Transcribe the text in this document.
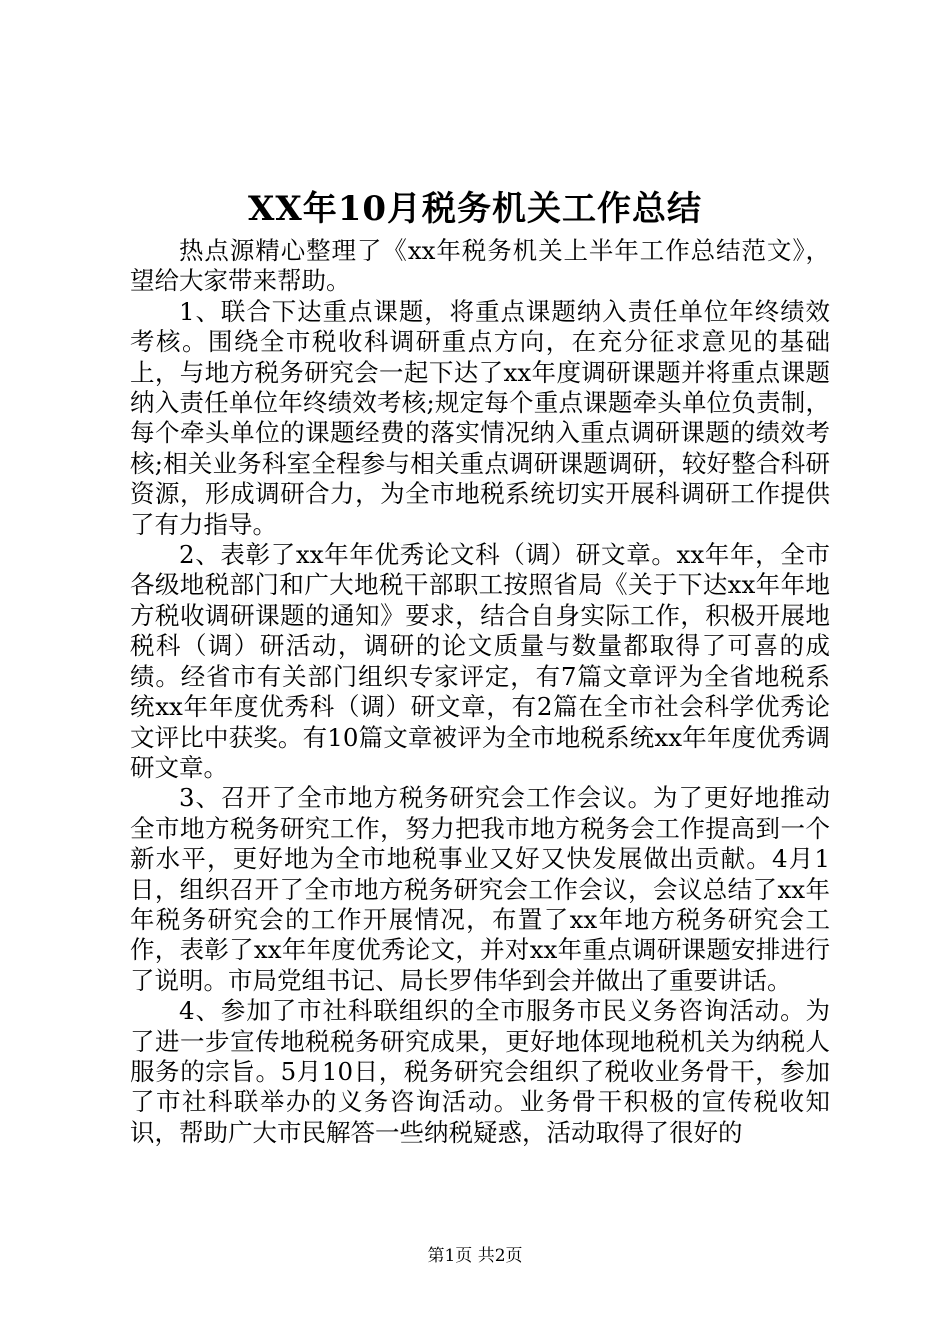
XX年10月税务机关工作总结

热点源精心整理了《xx年税务机关上半年工作总结范文》，望给大家带来帮助。

1、联合下达重点课题，将重点课题纳入责任单位年终绩效考核。围绕全市税收科调研重点方向，在充分征求意见的基础上，与地方税务研究会一起下达了xx年度调研课题并将重点课题纳入责任单位年终绩效考核;规定每个重点课题牵头单位负责制，每个牵头单位的课题经费的落实情况纳入重点调研课题的绩效考核;相关业务科室全程参与相关重点调研课题调研，较好整合科研资源，形成调研合力，为全市地税系统切实开展科调研工作提供了有力指导。

2、表彰了xx年年优秀论文科（调）研文章。xx年年，全市各级地税部门和广大地税干部职工按照省局《关于下达xx年年地方税收调研课题的通知》要求，结合自身实际工作，积极开展地税科（调）研活动，调研的论文质量与数量都取得了可喜的成绩。经省市有关部门组织专家评定，有7篇文章评为全省地税系统xx年年度优秀科（调）研文章，有2篇在全市社会科学优秀论文评比中获奖。有10篇文章被评为全市地税系统xx年年度优秀调研文章。

3、召开了全市地方税务研究会工作会议。为了更好地推动全市地方税务研究工作，努力把我市地方税务会工作提高到一个新水平，更好地为全市地税事业又好又快发展做出贡献。4月1日，组织召开了全市地方税务研究会工作会议，会议总结了xx年年税务研究会的工作开展情况，布置了xx年地方税务研究会工作，表彰了xx年年度优秀论文，并对xx年重点调研课题安排进行了说明。市局党组书记、局长罗伟华到会并做出了重要讲话。

4、参加了市社科联组织的全市服务市民义务咨询活动。为了进一步宣传地税税务研究成果，更好地体现地税机关为纳税人服务的宗旨。5月10日，税务研究会组织了税收业务骨干，参加了市社科联举办的义务咨询活动。业务骨干积极的宣传税收知识，帮助广大市民解答一些纳税疑惑，活动取得了很好的

第1页 共2页
